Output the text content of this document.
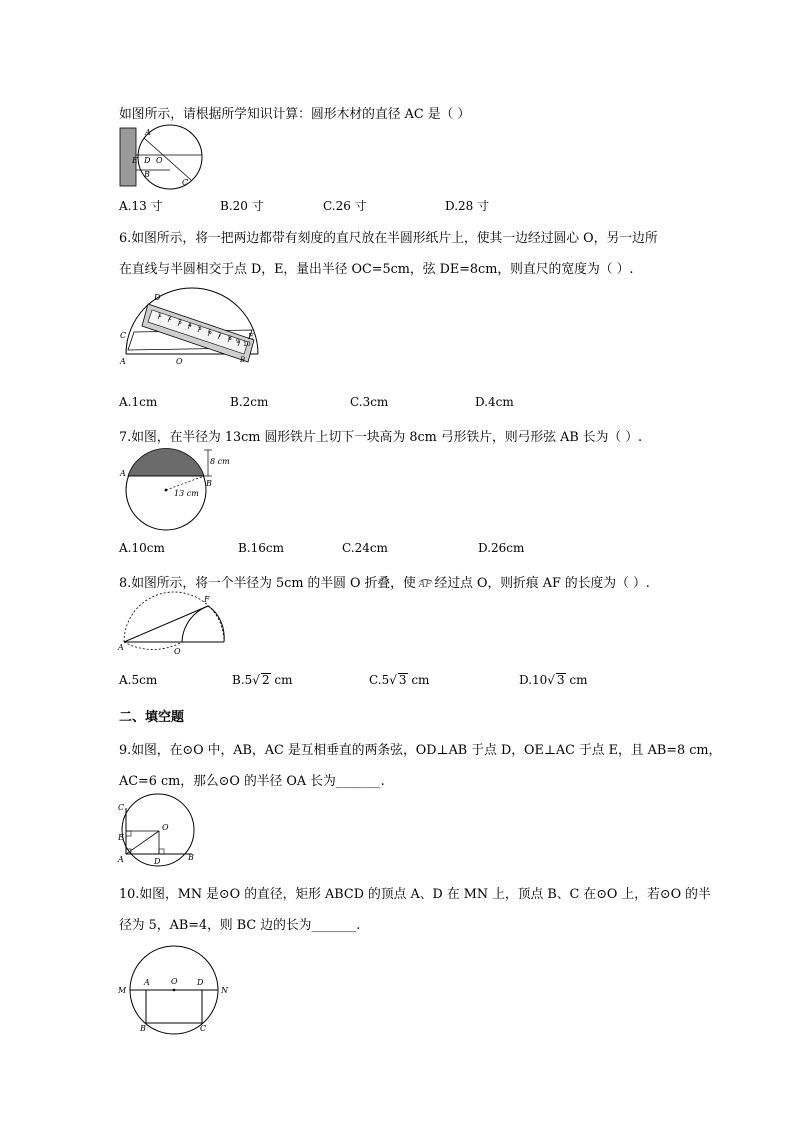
如图所示，请根据所学知识计算：圆形木材的直径 AC 是（ ）
A
E D O
B
C
A.13 寸	B.20 寸	C.26 寸	D.28 寸
6.如图所示，将一把两边都带有刻度的直尺放在半圆形纸片上，使其一边经过圆心 O，另一边所
在直线与半圆相交于点 D，E，量出半径 OC=5cm，弦 DE=8cm，则直尺的宽度为（ ）.
D
C	E
A	O	B
A.1cm	B.2cm	C.3cm	D.4cm
7.如图，在半径为 13cm 圆形铁片上切下一块高为 8cm 弓形铁片，则弓形弦 AB 长为（ ）.
A
B
8 cm
13 cm
A.10cm	B.16cm	C.24cm	D.26cm
8.如图所示，将一个半径为 5cm 的半圆 O 折叠，使 AF 经过点 O，则折痕 AF 的长度为（ ）.
F
A	O
A.5cm	B.5√ 2 cm	C.5√ 3 cm	D.10√ 3 cm
二、填空题
9.如图，在⊙O 中，AB，AC 是互相垂直的两条弦，OD⊥AB 于点 D，OE⊥AC 于点 E，且 AB=8 cm，
AC=6 cm，那么⊙O 的半径 OA 长为_______.
C
O
E
A	D	B
10.如图，MN 是⊙O 的直径，矩形 ABCD 的顶点 A、D 在 MN 上，顶点 B、C 在⊙O 上，若⊙O 的半
径为 5，AB=4，则 BC 边的长为_______.
M
A	O D
N
B	C
1 2
3 4 5
6 7 8 9 10
